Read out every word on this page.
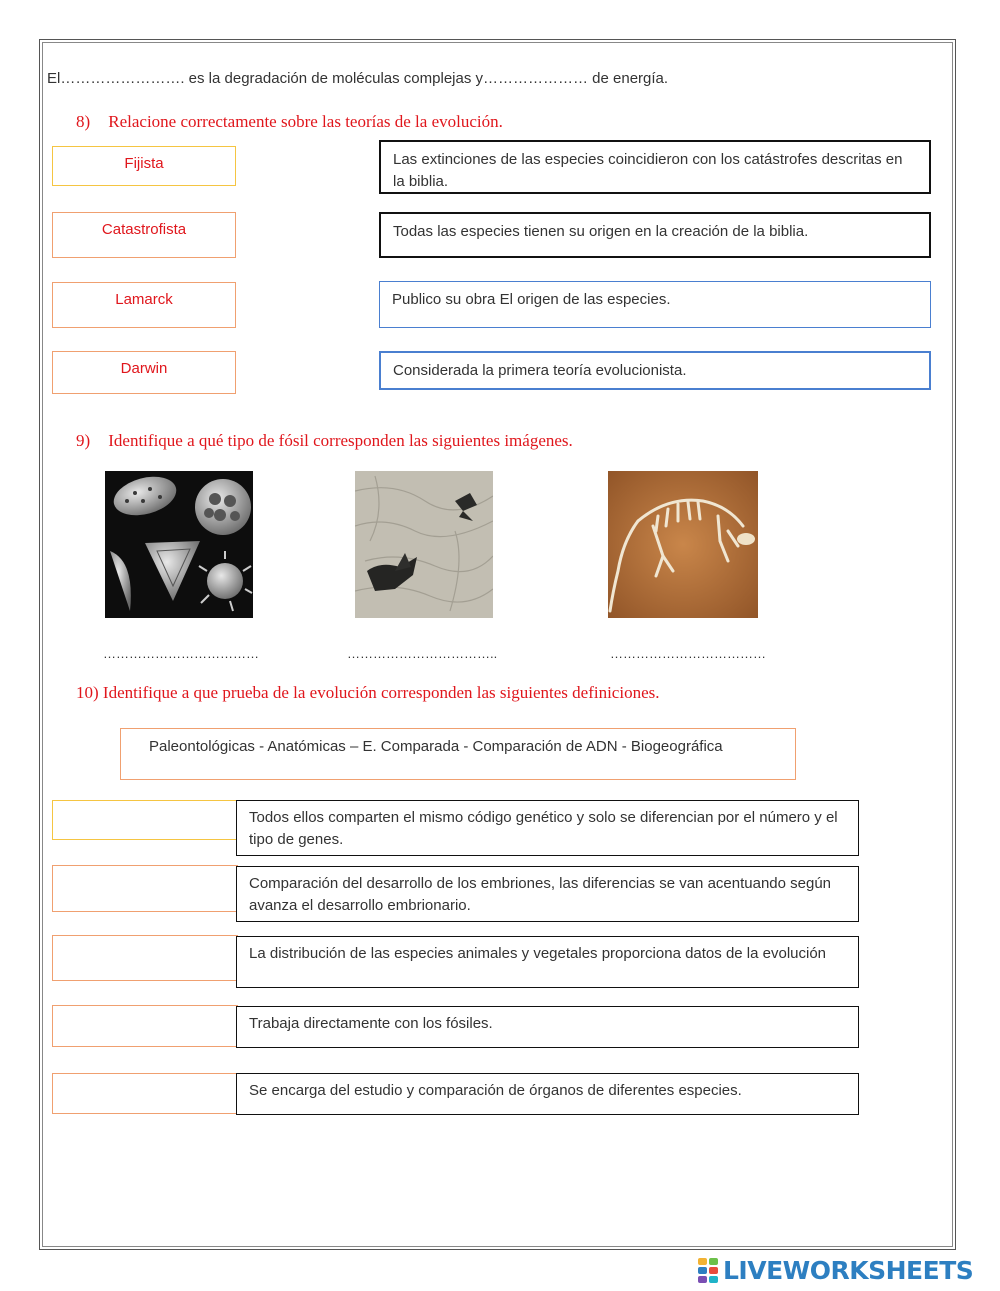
El……………………. es la degradación de moléculas complejas y………………… de energía.
8) Relacione correctamente sobre las teorías de la evolución.
Fijista
Catastrofista
Lamarck
Darwin
Las extinciones de las especies coincidieron con los catástrofes descritas en la biblia.
Todas las especies tienen su origen en la creación de la biblia.
Publico su obra El origen de las especies.
Considerada la primera teoría evolucionista.
9) Identifique a qué tipo de fósil corresponden las siguientes imágenes.
………………………………	……………………………..	………………………………
10) Identifique a que prueba de la evolución corresponden las siguientes definiciones.
Paleontológicas - Anatómicas – E. Comparada - Comparación de ADN - Biogeográfica
Todos ellos comparten el mismo código genético y solo se diferencian por el número y el tipo de genes.
Comparación del desarrollo de los embriones, las diferencias se van acentuando según avanza el desarrollo embrionario.
La distribución de las especies animales y vegetales proporciona datos de la evolución
Trabaja directamente con los fósiles.
Se encarga del estudio y comparación de órganos de diferentes especies.
LIVEWORKSHEETS
